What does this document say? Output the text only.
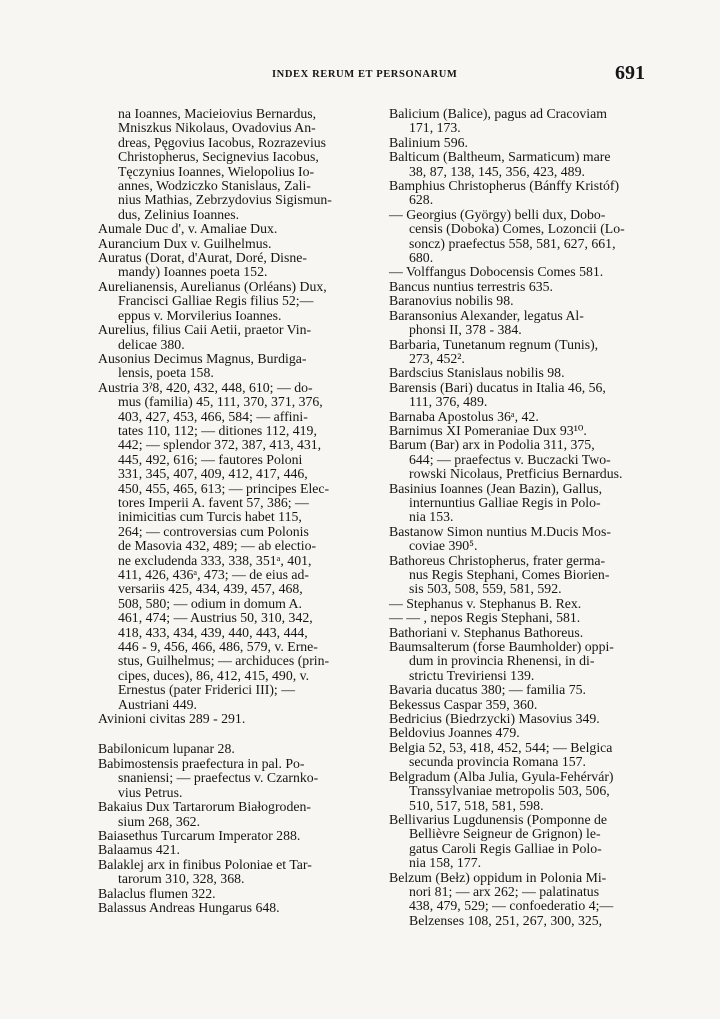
INDEX RERUM ET PERSONARUM	691
na Ioannes, Macieiovius Bernardus,
Mniszkus Nikolaus, Ovadovius An-
dreas, Pęgovius Iacobus, Rozrazevius
Christopherus, Secignevius Iacobus,
Tęczynius Ioannes, Wielopolius Io-
annes, Wodziczko Stanislaus, Zali-
nius Mathias, Zebrzydovius Sigismun-
dus, Zelinius Ioannes.
Aumale Duc d', v. Amaliae Dux.
Aurancium Dux v. Guilhelmus.
Auratus (Dorat, d'Aurat, Doré, Disne-
mandy) Ioannes poeta 152.
Aurelianensis, Aurelianus (Orléans) Dux,
Francisci Galliae Regis filius 52;—
eppus v. Morvilerius Ioannes.
Aurelius, filius Caii Aetii, praetor Vin-
delicae 380.
Ausonius Decimus Magnus, Burdiga-
lensis, poeta 158.
Austria 3ˀ8, 420, 432, 448, 610; — do-
mus (familia) 45, 111, 370, 371, 376,
403, 427, 453, 466, 584; — affini-
tates 110, 112; — ditiones 112, 419,
442; — splendor 372, 387, 413, 431,
445, 492, 616; — fautores Poloni
331, 345, 407, 409, 412, 417, 446,
450, 455, 465, 613; — principes Elec-
tores Imperii A. favent 57, 386; —
inimicitias cum Turcis habet 115,
264; — controversias cum Polonis
de Masovia 432, 489; — ab electio-
ne excludenda 333, 338, 351ᵃ, 401,
411, 426, 436ᵃ, 473; — de eius ad-
versariis 425, 434, 439, 457, 468,
508, 580; — odium in domum A.
461, 474; — Austrius 50, 310, 342,
418, 433, 434, 439, 440, 443, 444,
446 - 9, 456, 466, 486, 579, v. Erne-
stus, Guilhelmus; — archiduces (prin-
cipes, duces), 86, 412, 415, 490, v.
Ernestus (pater Friderici III); —
Austriani 449.
Avinioni civitas 289 - 291.
Babilonicum lupanar 28.
Babimostensis praefectura in pal. Po-
snaniensi; — praefectus v. Czarnko-
vius Petrus.
Bakaius Dux Tartarorum Białogroden-
sium 268, 362.
Baiasethus Turcarum Imperator 288.
Balaamus 421.
Balaklej arx in finibus Poloniae et Tar-
tarorum 310, 328, 368.
Balaclus flumen 322.
Balassus Andreas Hungarus 648.
Balicium (Balice), pagus ad Cracoviam
171, 173.
Balinium 596.
Balticum (Baltheum, Sarmaticum) mare
38, 87, 138, 145, 356, 423, 489.
Bamphius Christopherus (Bánffy Kristóf)
628.
— Georgius (György) belli dux, Dobo-
censis (Doboka) Comes, Lozoncii (Lo-
soncz) praefectus 558, 581, 627, 661,
680.
— Volffangus Dobocensis Comes 581.
Bancus nuntius terrestris 635.
Baranovius nobilis 98.
Baransonius Alexander, legatus Al-
phonsi II, 378 - 384.
Barbaria, Tunetanum regnum (Tunis),
273, 452².
Bardscius Stanislaus nobilis 98.
Barensis (Bari) ducatus in Italia 46, 56,
111, 376, 489.
Barnaba Apostolus 36ᵃ, 42.
Barnimus XI Pomeraniae Dux 93¹⁰.
Barum (Bar) arx in Podolia 311, 375,
644; — praefectus v. Buczacki Two-
rowski Nicolaus, Pretficius Bernardus.
Basinius Ioannes (Jean Bazin), Gallus,
internuntius Galliae Regis in Polo-
nia 153.
Bastanow Simon nuntius M.Ducis Mos-
coviae 390⁵.
Bathoreus Christopherus, frater germa-
nus Regis Stephani, Comes Biorien-
sis 503, 508, 559, 581, 592.
— Stephanus v. Stephanus B. Rex.
— — , nepos Regis Stephani, 581.
Bathoriani v. Stephanus Bathoreus.
Baumsalterum (forse Baumholder) oppi-
dum in provincia Rhenensi, in di-
strictu Treviriensi 139.
Bavaria ducatus 380; — familia 75.
Bekessus Caspar 359, 360.
Bedricius (Biedrzycki) Masovius 349.
Beldovius Joannes 479.
Belgia 52, 53, 418, 452, 544; — Belgica
secunda provincia Romana 157.
Belgradum (Alba Julia, Gyula-Fehérvár)
Transsylvaniae metropolis 503, 506,
510, 517, 518, 581, 598.
Bellivarius Lugdunensis (Pomponne de
Bellièvre Seigneur de Grignon) le-
gatus Caroli Regis Galliae in Polo-
nia 158, 177.
Belzum (Bełz) oppidum in Polonia Mi-
nori 81; — arx 262; — palatinatus
438, 479, 529; — confoederatio 4;—
Belzenses 108, 251, 267, 300, 325,
